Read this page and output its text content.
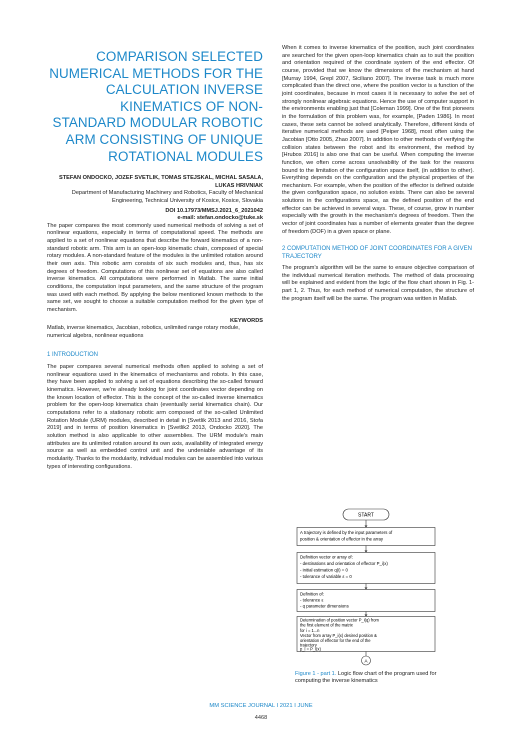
COMPARISON SELECTED NUMERICAL METHODS FOR THE CALCULATION INVERSE KINEMATICS OF NON-STANDARD MODULAR ROBOTIC ARM CONSISTING OF UNIQUE ROTATIONAL MODULES
STEFAN ONDOCKO, JOZEF SVETLIK, TOMAS STEJSKAL, MICHAL SASALA, LUKAS HRIVNIAK
Department of Manufacturing Machinery and Robotics, Faculty of Mechanical Engineering, Technical University of Kosice, Kosice, Slovakia
DOI 10.17973/MMSJ.2021_6_2021042
e-mail: stefan.ondocko@tuke.sk

The paper compares the most commonly used numerical methods of solving a set of nonlinear equations, especially in terms of computational speed. The methods are applied to a set of nonlinear equations that describe the forward kinematics of a non-standard robotic arm. This arm is an open-loop kinematic chain, composed of special rotary modules. A non-standard feature of the modules is the unlimited rotation around their own axis. This robotic arm consists of six such modules and, thus, has six degrees of freedom. Computations of this nonlinear set of equations are also called inverse kinematics. All computations were performed in Matlab. The same initial conditions, the computation input parameters, and the same structure of the program was used with each method. By applying the below mentioned known methods to the same set, we sought to choose a suitable computation method for the given type of mechanism.

KEYWORDS
Matlab, inverse kinematics, Jacobian, robotics, unlimited range rotary module, numerical algebra, nonlinear equations
1 INTRODUCTION

The paper compares several numerical methods often applied to solving a set of nonlinear equations used in the kinematics of mechanisms and robots. In this case, they have been applied to solving a set of equations describing the so-called forward kinematics. However, we're already looking for joint coordinates vector depending on the known location of effector. This is the concept of the so-called inverse kinematics problem for the open-loop kinematics chain (eventually serial kinematics chain). Our computations refer to a stationary robotic arm composed of the so-called Unlimited Rotation Module (URM) modules, described in detail in [Svetlik 2013 and 2016, Stofa 2019] and in terms of position kinematics in [Svetlik2 2013, Ondocko 2020]. The solution method is also applicable to other assemblies. The URM module's main attributes are its unlimited rotation around its own axis, availability of integrated energy source as well as embedded control unit and the undeniable advantage of its modularity. Thanks to the modularity, individual modules can be assembled into various types of interesting configurations.

When it comes to inverse kinematics of the position, such joint coordinates are searched for the given open-loop kinematics chain as to suit the position and orientation required of the coordinate system of the end effector. Of course, provided that we know the dimensions of the mechanism at hand [Murray 1994, Grepl 2007, Siciliano 2007]. The inverse task is much more complicated than the direct one, where the position vector is a function of the joint coordinates, because in most cases it is necessary to solve the set of strongly nonlinear algebraic equations. Hence the use of computer support in the environments enabling just that [Coleman 1999]. One of the first pioneers in the formulation of this problem was, for example, [Paden 1986]. In most cases, these sets cannot be solved analytically. Therefore, different kinds of iterative numerical methods are used [Peiper 1968], most often using the Jacobian [Otto 2005, Zhao 2007]. In addition to other methods of verifying the collision states between the robot and its environment, the method by [Hrubos 2016] is also one that can be useful. When computing the inverse function, we often come across unsolvability of the task for the reasons bound to the limitation of the configuration space itself, (in addition to other). Everything depends on the configuration and the physical properties of the mechanism. For example, when the position of the effector is defined outside the given configuration space, no solution exists. There can also be several solutions in the configurations space, as the defined position of the end effector can be achieved in several ways. These, of course, grow in number especially with the growth in the mechanism's degrees of freedom. Then the vector of joint coordinates has a number of elements greater than the degree of freedom (DOF) in a given space or plane.

2 COMPUTATION METHOD OF JOINT COORDINATES FOR A GIVEN TRAJECTORY

The program's algorithm will be the same to ensure objective comparison of the individual numerical iteration methods. The method of data processing will be explained and evident from the logic of the flow chart shown in Fig. 1-part 1, 2. Thus, for each method of numerical computation, the structure of the program itself will be the same. The program was written in Matlab.

START
A trajectory is defined by the input parameters of position & orientation of effector in the array
Definition vector or array of: - destinations and orientation of effector P_i(x) - initial estimation q(i) = 0 - tolerance of variable ε = 0
Definition of: - tolerance ε - q parameter dimensions
Determination of position vector P_i(q) from the first element of the matrix for i = 1...n Vector from array P_i(x) desired position & orientation of effector for the end of the trajectory p_i = P_i(x)
A
Figure 1 - part 1. Logic flow chart of the program used for computing the inverse kinematics
MM SCIENCE JOURNAL I 2021 I JUNE
4468
